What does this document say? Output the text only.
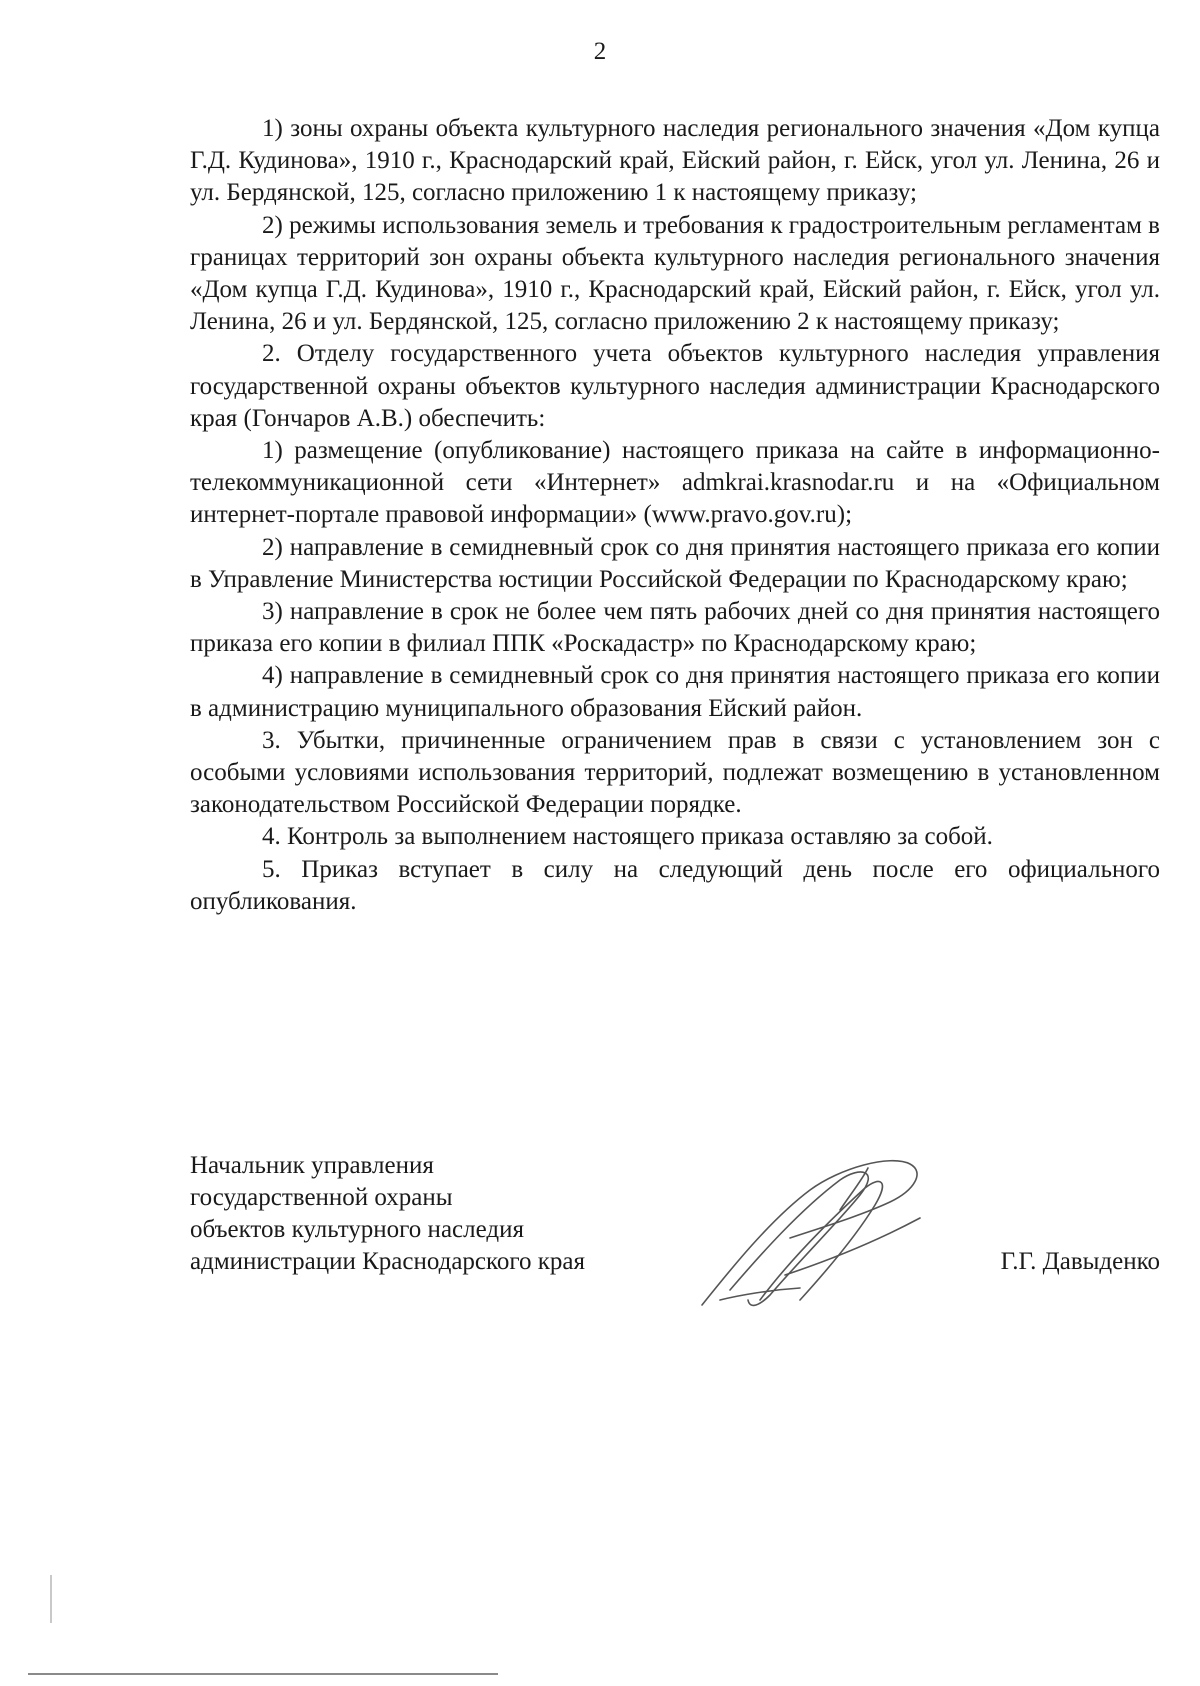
2

1) зоны охраны объекта культурного наследия регионального значения «Дом купца Г.Д. Кудинова», 1910 г., Краснодарский край, Ейский район, г. Ейск, угол ул. Ленина, 26 и ул. Бердянской, 125, согласно приложению 1 к настоящему приказу;

2) режимы использования земель и требования к градостроительным регламентам в границах территорий зон охраны объекта культурного наследия регионального значения «Дом купца Г.Д. Кудинова», 1910 г., Краснодарский край, Ейский район, г. Ейск, угол ул. Ленина, 26 и ул. Бердянской, 125, согласно приложению 2 к настоящему приказу;

2. Отделу государственного учета объектов культурного наследия управления государственной охраны объектов культурного наследия администрации Краснодарского края (Гончаров А.В.) обеспечить:

1) размещение (опубликование) настоящего приказа на сайте в информационно-телекоммуникационной сети «Интернет» admkrai.krasnodar.ru и на «Официальном интернет-портале правовой информации» (www.pravo.gov.ru);

2) направление в семидневный срок со дня принятия настоящего приказа его копии в Управление Министерства юстиции Российской Федерации по Краснодарскому краю;

3) направление в срок не более чем пять рабочих дней со дня принятия настоящего приказа его копии в филиал ППК «Роскадастр» по Краснодарскому краю;

4) направление в семидневный срок со дня принятия настоящего приказа его копии в администрацию муниципального образования Ейский район.

3. Убытки, причиненные ограничением прав в связи с установлением зон с особыми условиями использования территорий, подлежат возмещению в установленном законодательством Российской Федерации порядке.

4. Контроль за выполнением настоящего приказа оставляю за собой.

5. Приказ вступает в силу на следующий день после его официального опубликования.

Начальник управления
государственной охраны
объектов культурного наследия
администрации Краснодарского края	Г.Г. Давыденко
